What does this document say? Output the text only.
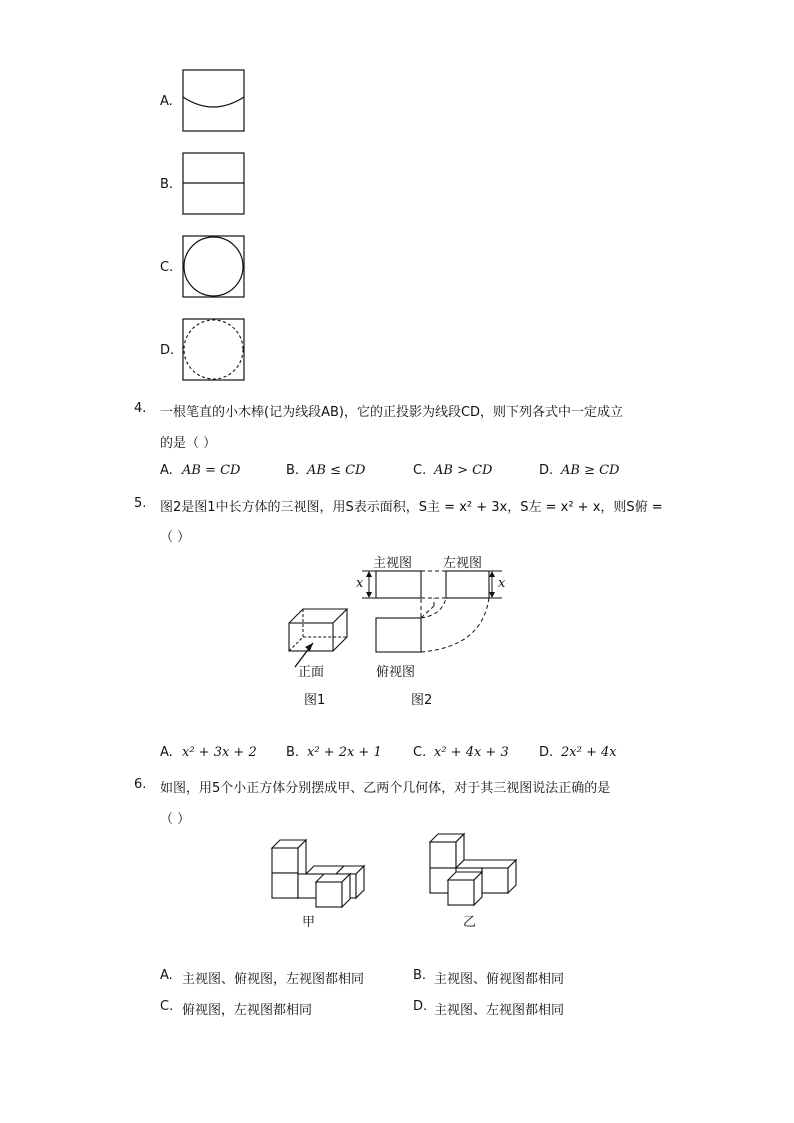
A.
B.
C.
D.
4. 一根笔直的小木棒(记为线段AB)，它的正投影为线段CD，则下列各式中一定成立
的是（ ）
A. AB = CD	B. AB ≤ CD	C. AB > CD	D. AB ≥ CD
5. 图2是图1中长方体的三视图，用S表示面积，S主 = x² + 3x，S左 = x² + x，则S俯 =
（ ）
正面
图1
主视图 左视图
x	x
俯视图
图2
A. x² + 3x + 2 B. x² + 2x + 1 C. x² + 4x + 3 D. 2x² + 4x
6. 如图，用5个小正方体分别摆成甲、乙两个几何体，对于其三视图说法正确的是
（ ）
甲	乙
A. 主视图、俯视图，左视图都相同	B. 主视图、俯视图都相同
C. 俯视图，左视图都相同	D. 主视图、左视图都相同
